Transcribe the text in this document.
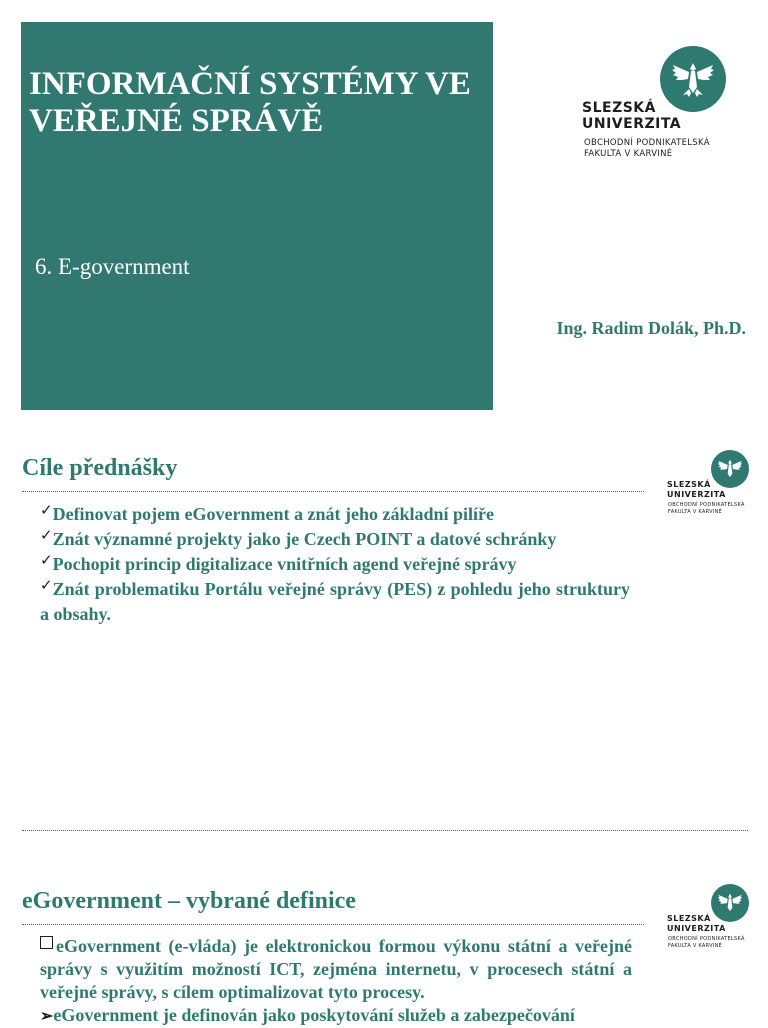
INFORMAČNÍ SYSTÉMY VE VEŘEJNÉ SPRÁVĚ

6. E-government

SLEZSKÁ
UNIVERZITA
OBCHODNÍ PODNIKATELSKÁ
FAKULTA V KARVINÉ

Ing. Radim Dolák, Ph.D.

Cíle přednášky
SLEZSKÁ
UNIVERZITA
OBCHODNÍ PODNIKATELSKÁ
FAKULTA V KARVINÉ
✓Definovat pojem eGovernment a znát jeho základní pilíře
✓Znát významné projekty jako je Czech POINT a datové schránky
✓Pochopit princip digitalizace vnitřních agend veřejné správy
✓Znát problematiku Portálu veřejné správy (PES) z pohledu jeho struktury a obsahy.
eGovernment – vybrané definice
SLEZSKÁ
UNIVERZITA
OBCHODNÍ PODNIKATELSKÁ
FAKULTA V KARVINÉ
eGovernment (e-vláda) je elektronickou formou výkonu státní a veřejné správy s využitím možností ICT, zejména internetu, v procesech státní a veřejné správy, s cílem optimalizovat tyto procesy.
➢eGovernment je definován jako poskytování služeb a zabezpečování
